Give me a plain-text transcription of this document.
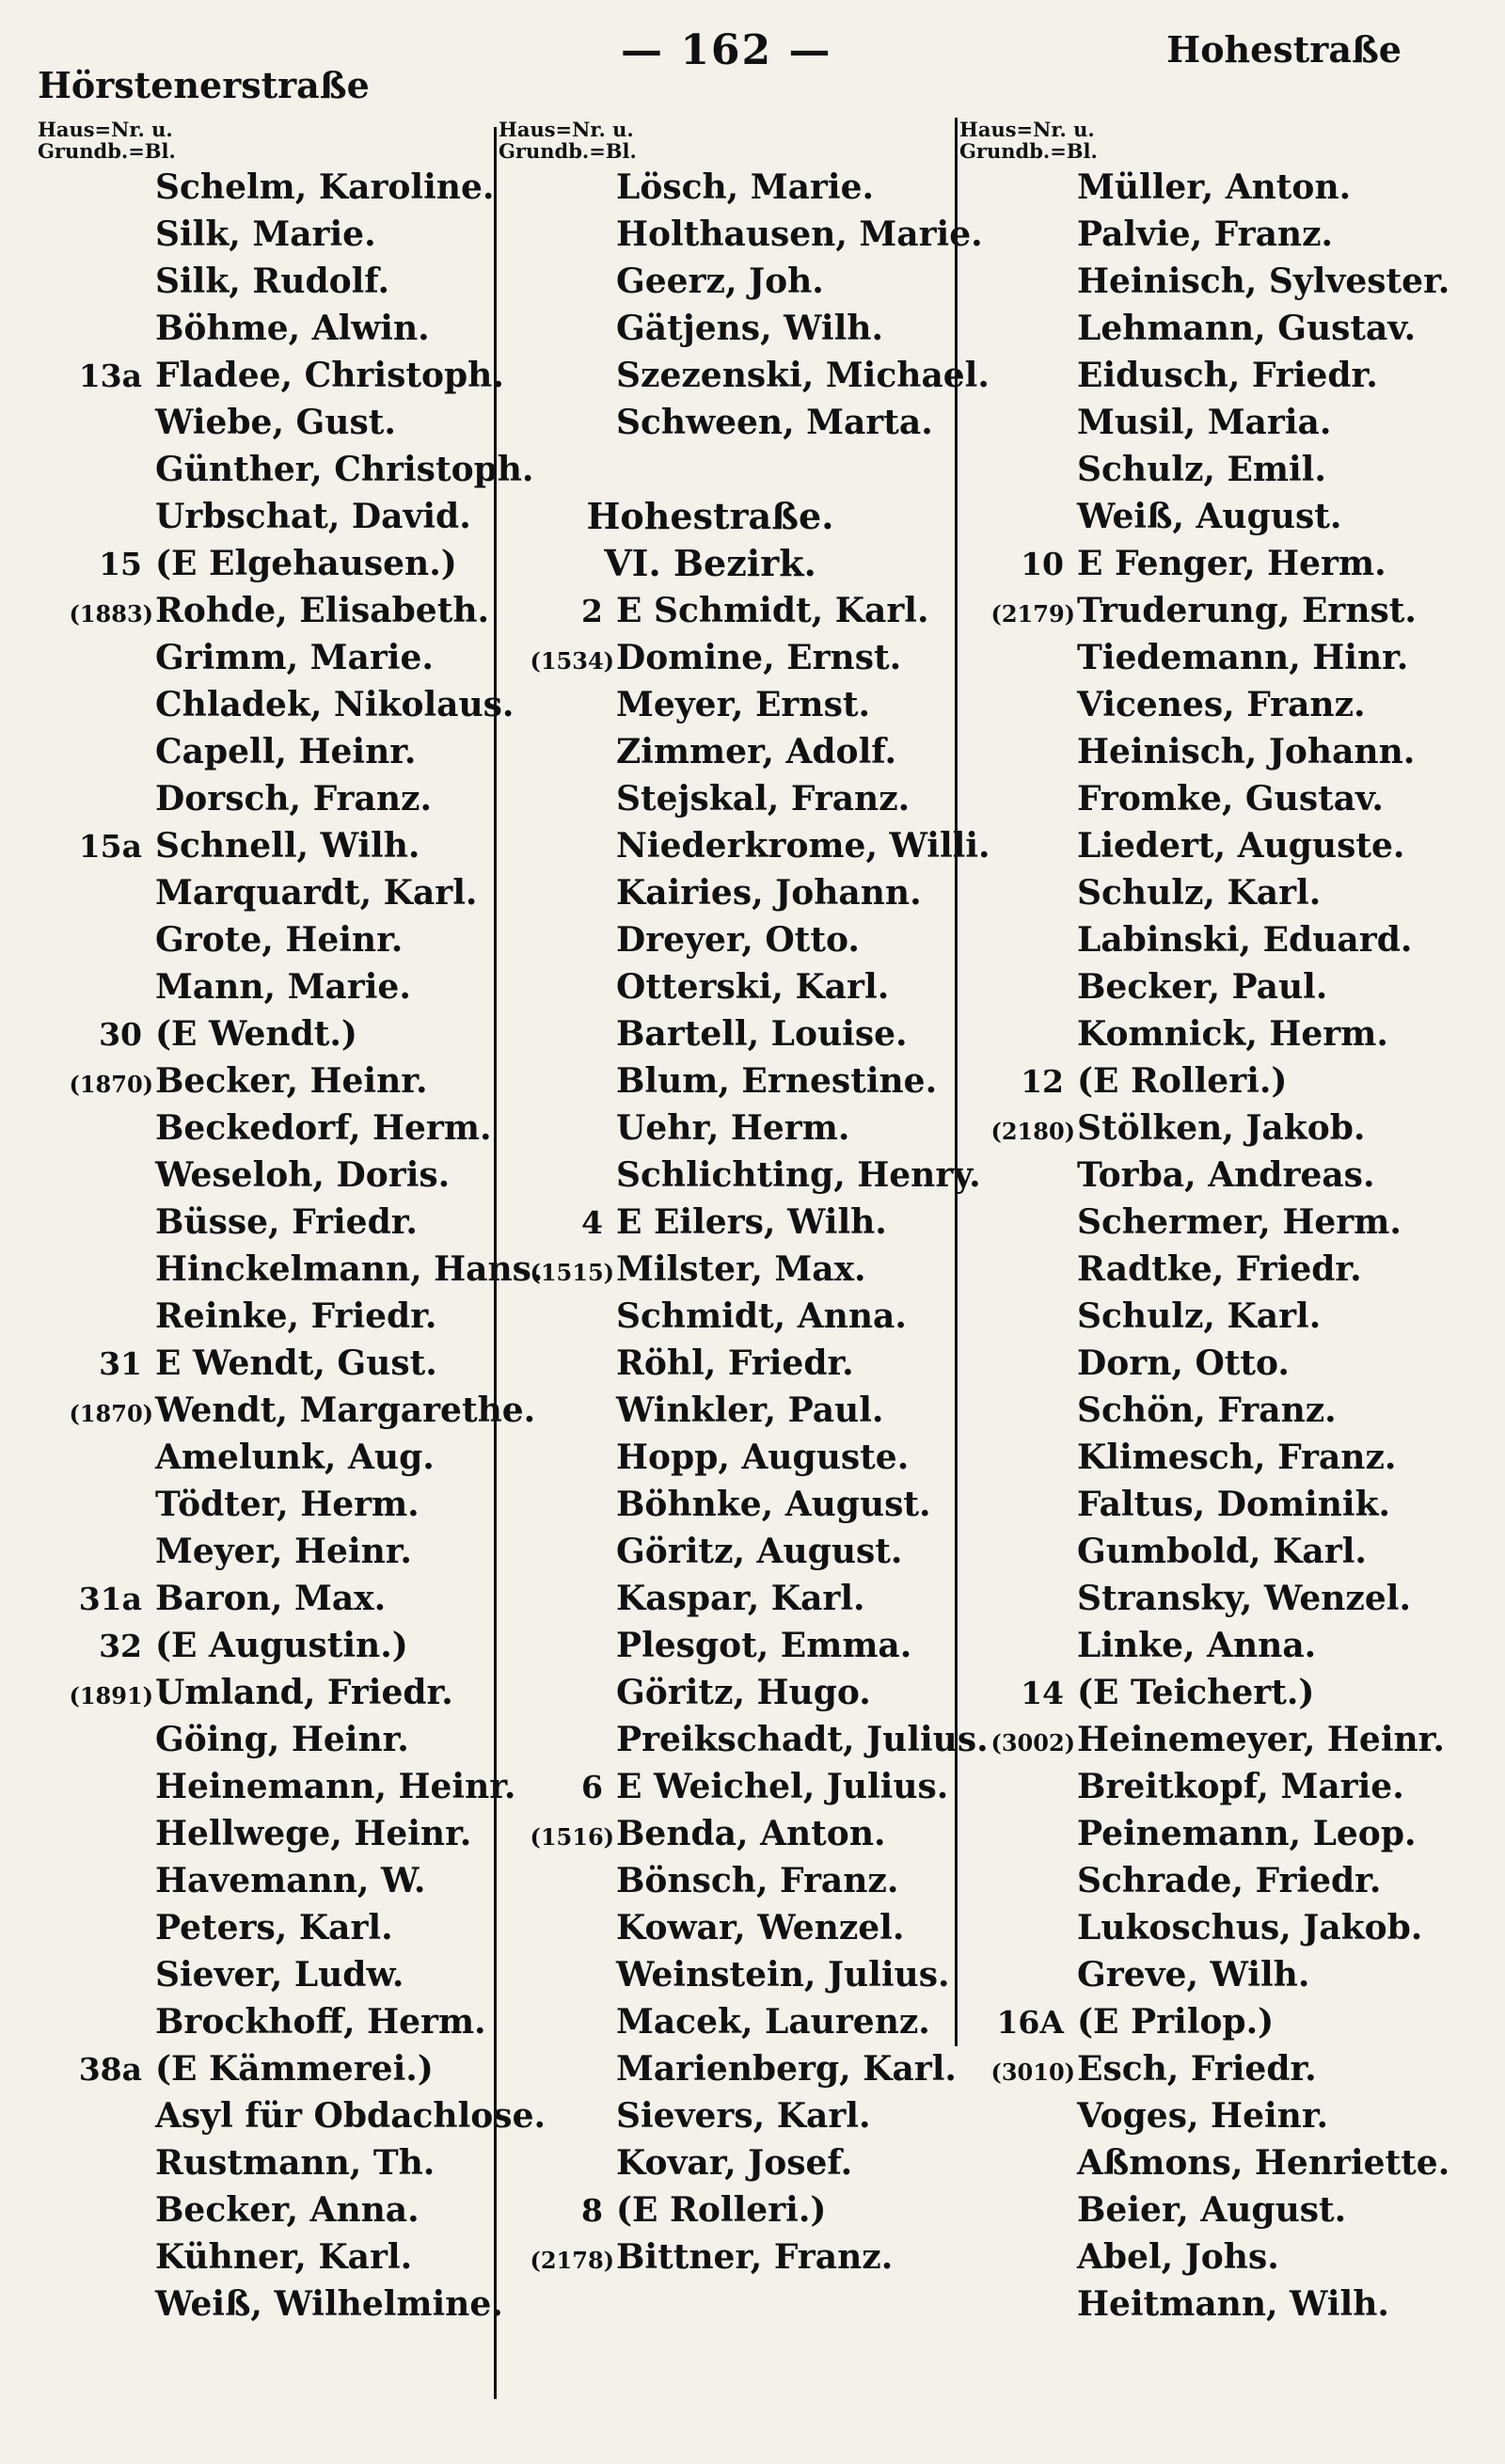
Hörstenerstraße
— 162 —	Hohestraße
Haus=Nr. u.
Grundb.=Bl.
Schelm, Karoline.
Silk, Marie.
Silk, Rudolf.
Böhme, Alwin.
13a Fladee, Christoph.
Wiebe, Gust.
Günther, Christoph.
Urbschat, David.
15 (E Elgehausen.)
(1883) Rohde, Elisabeth.
Grimm, Marie.
Chladek, Nikolaus.
Capell, Heinr.
Dorsch, Franz.
15a Schnell, Wilh.
Marquardt, Karl.
Grote, Heinr.
Mann, Marie.
30 (E Wendt.)
(1870) Becker, Heinr.
Beckedorf, Herm.
Weseloh, Doris.
Büsse, Friedr.
Hinckelmann, Hans.
Reinke, Friedr.
31 E Wendt, Gust.
(1870) Wendt, Margarethe.
Amelunk, Aug.
Tödter, Herm.
Meyer, Heinr.
31a Baron, Max.
32 (E Augustin.)
(1891) Umland, Friedr.
Göing, Heinr.
Heinemann, Heinr.
Hellwege, Heinr.
Havemann, W.
Peters, Karl.
Siever, Ludw.
Brockhoff, Herm.
38a (E Kämmerei.)
Asyl für Obdachlose.
Rustmann, Th.
Becker, Anna.
Kühner, Karl.
Weiß, Wilhelmine.
Haus=Nr. u.
Grundb.=Bl.
Lösch, Marie.
Holthausen, Marie.
Geerz, Joh.
Gätjens, Wilh.
Szezenski, Michael.
Schween, Marta.
Hohestraße.
VI. Bezirk.
2 E Schmidt, Karl.
(1534) Domine, Ernst.
Meyer, Ernst.
Zimmer, Adolf.
Stejskal, Franz.
Niederkrome, Willi.
Kairies, Johann.
Dreyer, Otto.
Otterski, Karl.
Bartell, Louise.
Blum, Ernestine.
Uehr, Herm.
Schlichting, Henry.
4 E Eilers, Wilh.
(1515) Milster, Max.
Schmidt, Anna.
Röhl, Friedr.
Winkler, Paul.
Hopp, Auguste.
Böhnke, August.
Göritz, August.
Kaspar, Karl.
Plesgot, Emma.
Göritz, Hugo.
Preikschadt, Julius.
6 E Weichel, Julius.
(1516) Benda, Anton.
Bönsch, Franz.
Kowar, Wenzel.
Weinstein, Julius.
Macek, Laurenz.
Marienberg, Karl.
Sievers, Karl.
Kovar, Josef.
8 (E Rolleri.)
(2178) Bittner, Franz.
Haus=Nr. u.
Grundb.=Bl.
Müller, Anton.
Palvie, Franz.
Heinisch, Sylvester.
Lehmann, Gustav.
Eidusch, Friedr.
Musil, Maria.
Schulz, Emil.
Weiß, August.
10 E Fenger, Herm.
(2179) Truderung, Ernst.
Tiedemann, Hinr.
Vicenes, Franz.
Heinisch, Johann.
Fromke, Gustav.
Liedert, Auguste.
Schulz, Karl.
Labinski, Eduard.
Becker, Paul.
Komnick, Herm.
12 (E Rolleri.)
(2180) Stölken, Jakob.
Torba, Andreas.
Schermer, Herm.
Radtke, Friedr.
Schulz, Karl.
Dorn, Otto.
Schön, Franz.
Klimesch, Franz.
Faltus, Dominik.
Gumbold, Karl.
Stransky, Wenzel.
Linke, Anna.
14 (E Teichert.)
(3002) Heinemeyer, Heinr.
Breitkopf, Marie.
Peinemann, Leop.
Schrade, Friedr.
Lukoschus, Jakob.
Greve, Wilh.
16A (E Prilop.)
(3010) Esch, Friedr.
Voges, Heinr.
Aßmons, Henriette.
Beier, August.
Abel, Johs.
Heitmann, Wilh.
